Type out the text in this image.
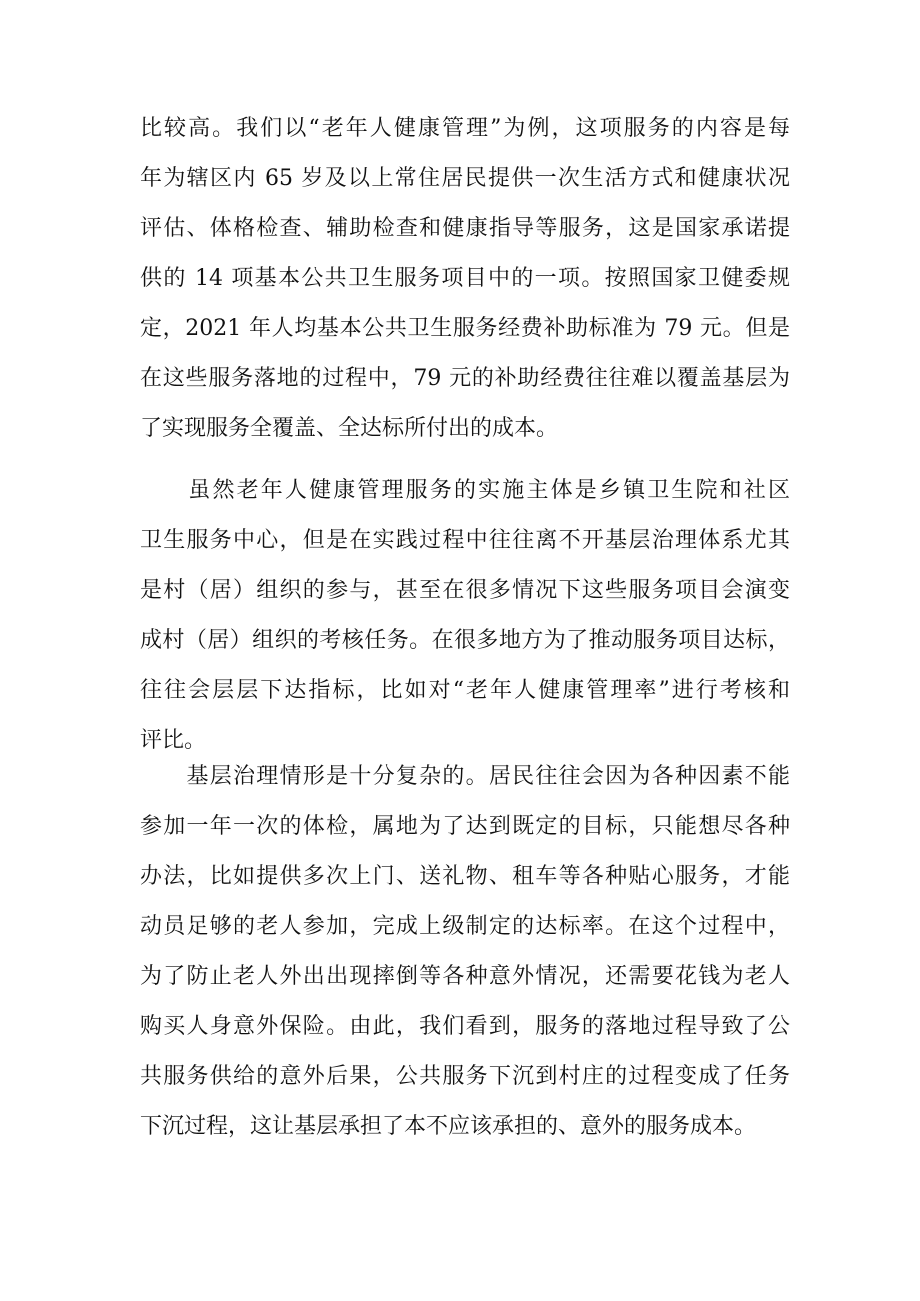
比较高。我们以“老年人健康管理”为例，这项服务的内容是每
年为辖区内 65 岁及以上常住居民提供一次生活方式和健康状况
评估、体格检查、辅助检查和健康指导等服务，这是国家承诺提
供的 14 项基本公共卫生服务项目中的一项。按照国家卫健委规
定，2021 年人均基本公共卫生服务经费补助标准为 79 元。但是
在这些服务落地的过程中，79 元的补助经费往往难以覆盖基层为
了实现服务全覆盖、全达标所付出的成本。
　　虽然老年人健康管理服务的实施主体是乡镇卫生院和社区
卫生服务中心，但是在实践过程中往往离不开基层治理体系尤其
是村（居）组织的参与，甚至在很多情况下这些服务项目会演变
成村（居）组织的考核任务。在很多地方为了推动服务项目达标，
往往会层层下达指标，比如对“老年人健康管理率”进行考核和
评比。
　　基层治理情形是十分复杂的。居民往往会因为各种因素不能
参加一年一次的体检，属地为了达到既定的目标，只能想尽各种
办法，比如提供多次上门、送礼物、租车等各种贴心服务，才能
动员足够的老人参加，完成上级制定的达标率。在这个过程中，
为了防止老人外出出现摔倒等各种意外情况，还需要花钱为老人
购买人身意外保险。由此，我们看到，服务的落地过程导致了公
共服务供给的意外后果，公共服务下沉到村庄的过程变成了任务
下沉过程，这让基层承担了本不应该承担的、意外的服务成本。
